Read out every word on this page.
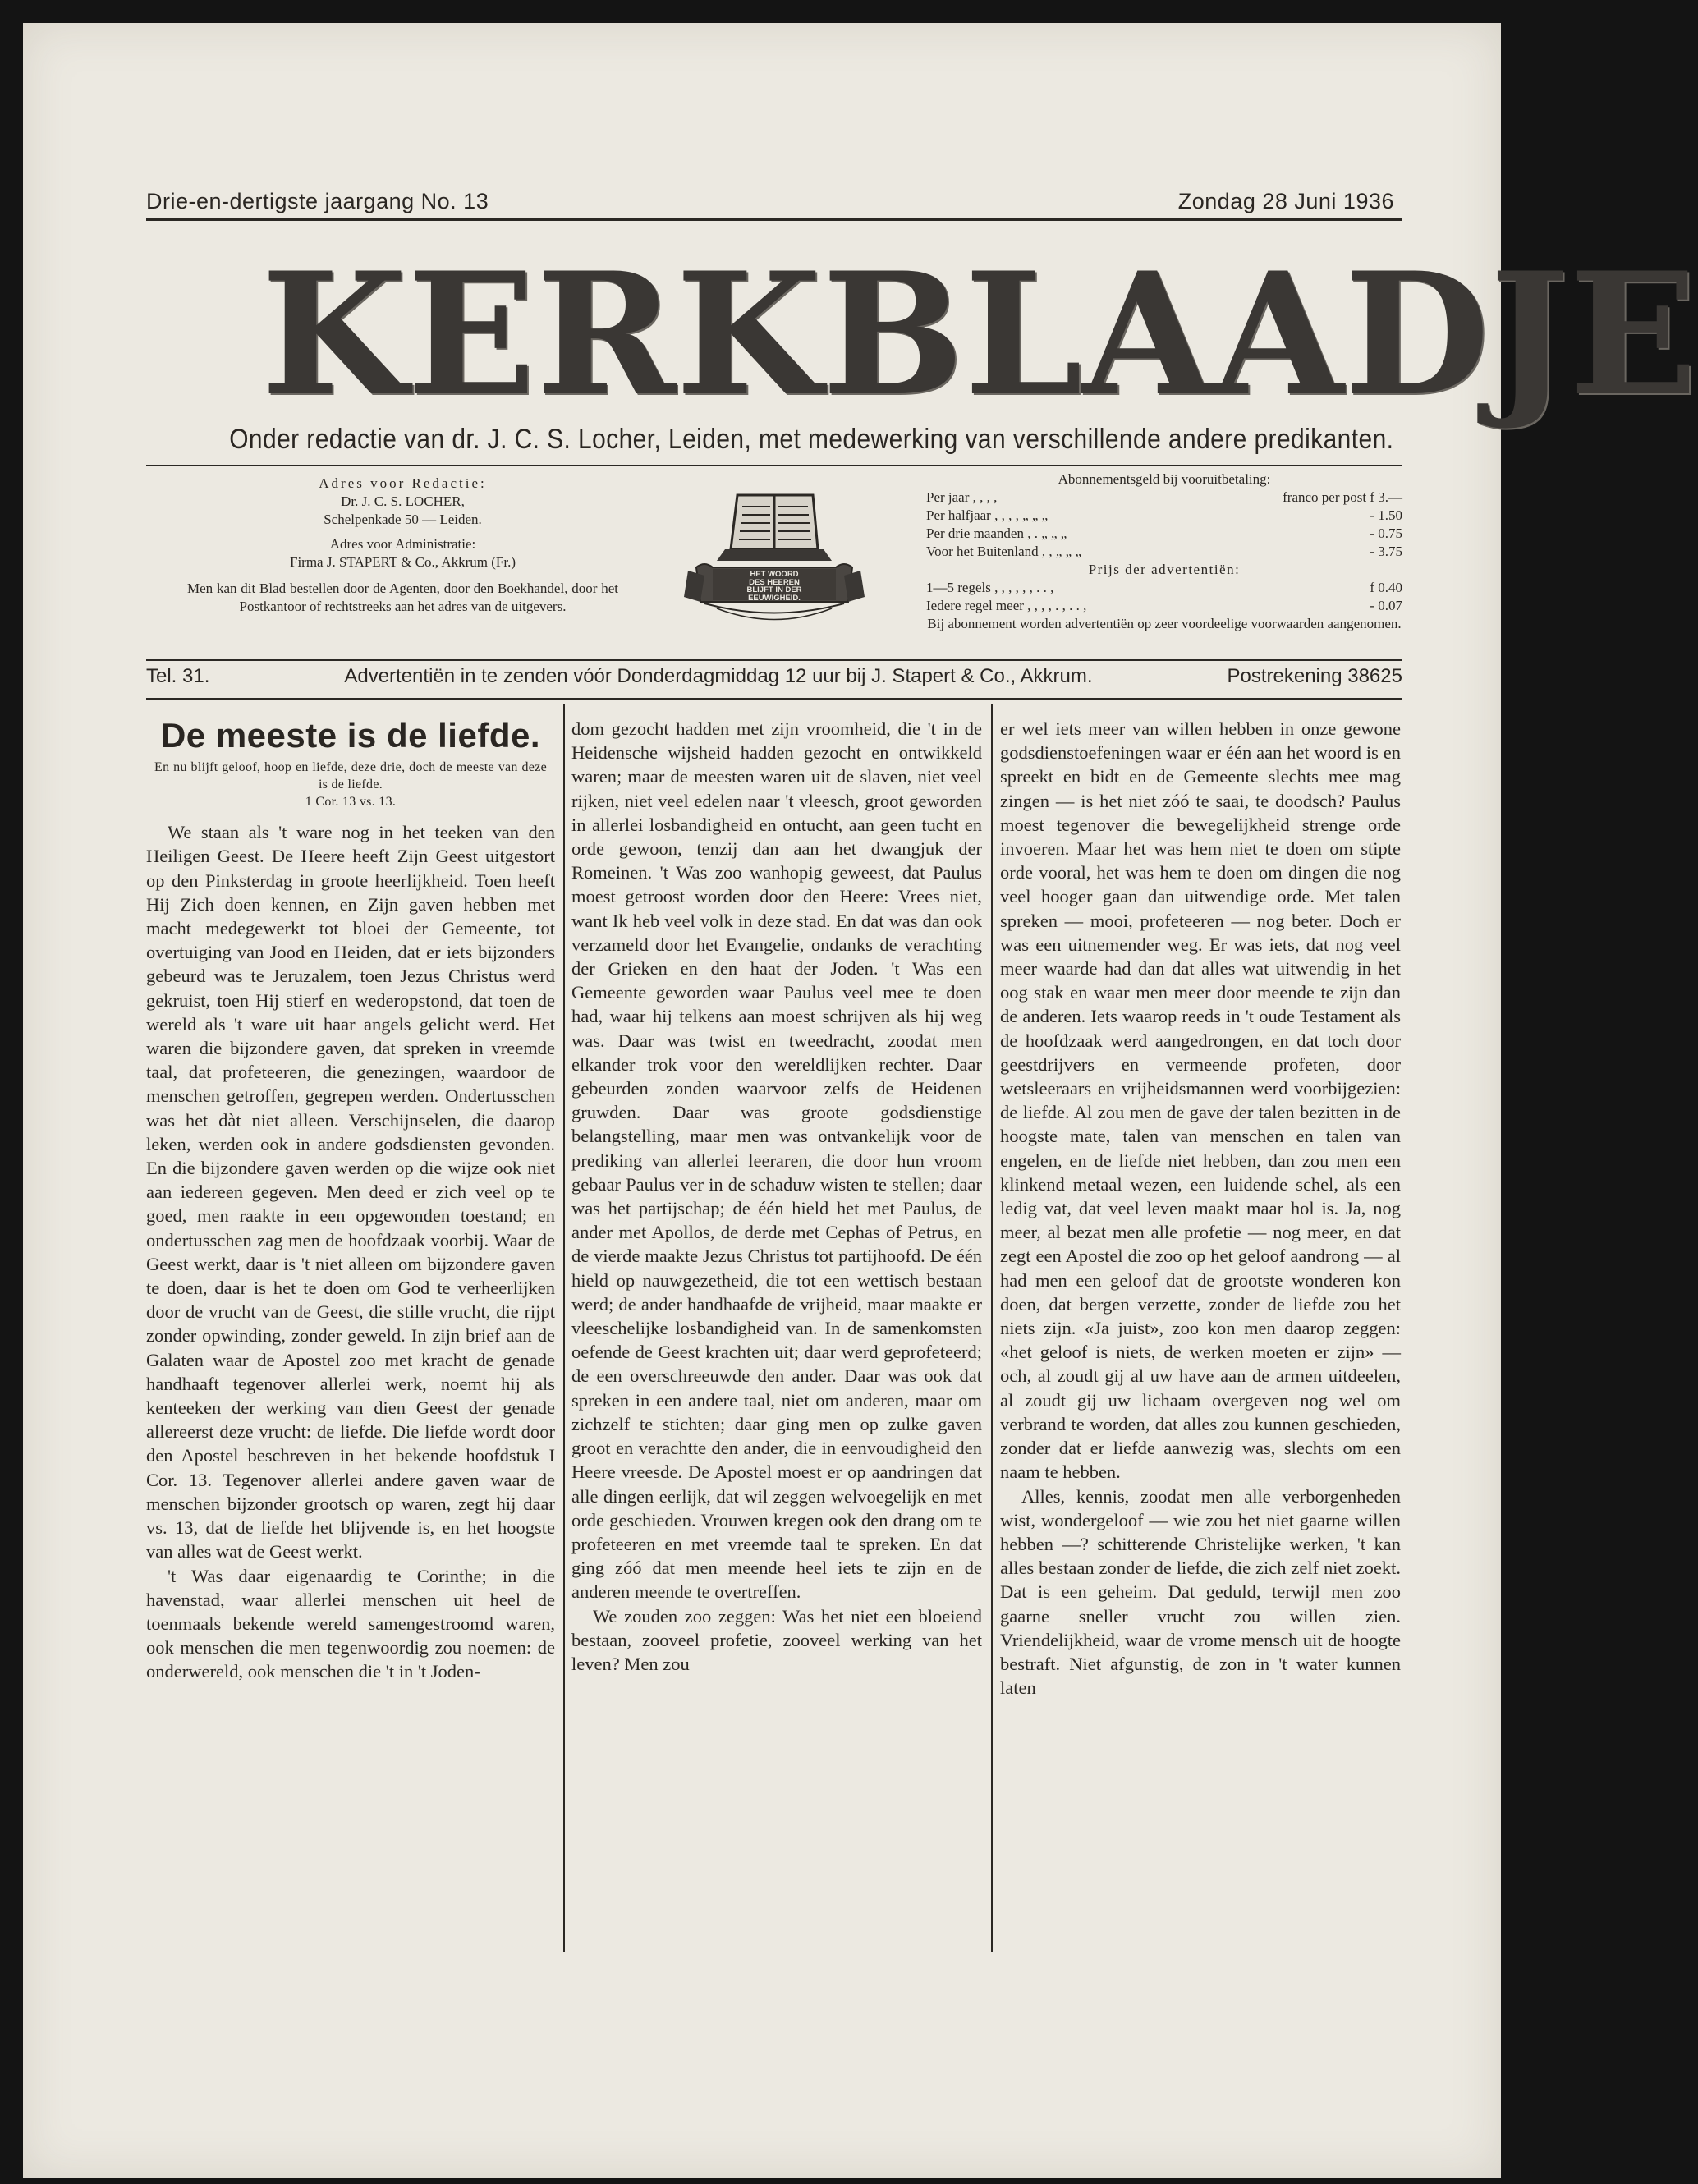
Drie-en-dertigste jaargang No. 13	Zondag 28 Juni 1936
K E R K B L A A D J E
Onder redactie van dr. J. C. S. Locher, Leiden, met medewerking van verschillende andere predikanten.

Adres voor Redactie:

Dr. J. C. S. LOCHER,

Schelpenkade 50 — Leiden.

Adres voor Administratie:

Firma J. STAPERT & Co., Akkrum (Fr.)

Men kan dit Blad bestellen door de Agenten, door den Boekhandel, door het Postkantoor of rechtstreeks aan het adres van de uitgevers.

HET WOORD
DES HEEREN
BLIJFT IN DER
EEUWIGHEID.

Abonnementsgeld bij vooruitbetaling:

Per jaar , , , ,	franco per post f 3.—
Per halfjaar , , , , „ „ „	- 1.50
Per drie maanden , . „ „ „	- 0.75
Voor het Buitenland , , „ „ „	- 3.75

Prijs der advertentiën:

1—5 regels , , , , , , . . ,	f 0.40
Iedere regel meer , , , , . , . . ,	- 0.07

Bij abonnement worden advertentiën op zeer voordeelige voorwaarden aangenomen.

Tel. 31.	Advertentiën in te zenden vóór Donderdagmiddag 12 uur bij J. Stapert & Co., Akkrum.	Postrekening 38625
De meeste is de liefde.
En nu blijft geloof, hoop en liefde, deze drie, doch de meeste van deze is de liefde.
1 Cor. 13 vs. 13.

We staan als 't ware nog in het teeken van den Heiligen Geest. De Heere heeft Zijn Geest uitgestort op den Pinksterdag in groote heerlijkheid. Toen heeft Hij Zich doen kennen, en Zijn gaven hebben met macht medegewerkt tot bloei der Gemeente, tot overtuiging van Jood en Heiden, dat er iets bijzonders gebeurd was te Jeruzalem, toen Jezus Christus werd gekruist, toen Hij stierf en wederopstond, dat toen de wereld als 't ware uit haar angels gelicht werd. Het waren die bijzondere gaven, dat spreken in vreemde taal, dat profeteeren, die genezingen, waardoor de menschen getroffen, gegrepen werden. Ondertusschen was het dàt niet alleen. Verschijnselen, die daarop leken, werden ook in andere godsdiensten gevonden. En die bijzondere gaven werden op die wijze ook niet aan iedereen gegeven. Men deed er zich veel op te goed, men raakte in een opgewonden toestand; en ondertusschen zag men de hoofdzaak voorbij. Waar de Geest werkt, daar is 't niet alleen om bijzondere gaven te doen, daar is het te doen om God te verheerlijken door de vrucht van de Geest, die stille vrucht, die rijpt zonder opwinding, zonder geweld. In zijn brief aan de Galaten waar de Apostel zoo met kracht de genade handhaaft tegenover allerlei werk, noemt hij als kenteeken der werking van dien Geest der genade allereerst deze vrucht: de liefde. Die liefde wordt door den Apostel beschreven in het bekende hoofdstuk I Cor. 13. Tegenover allerlei andere gaven waar de menschen bijzonder grootsch op waren, zegt hij daar vs. 13, dat de liefde het blijvende is, en het hoogste van alles wat de Geest werkt.

't Was daar eigenaardig te Corinthe; in die havenstad, waar allerlei menschen uit heel de toenmaals bekende wereld samengestroomd waren, ook menschen die men tegenwoordig zou noemen: de onderwereld, ook menschen die 't in 't Joden-

dom gezocht hadden met zijn vroomheid, die 't in de Heidensche wijsheid hadden gezocht en ontwikkeld waren; maar de meesten waren uit de slaven, niet veel rijken, niet veel edelen naar 't vleesch, groot geworden in allerlei losbandigheid en ontucht, aan geen tucht en orde gewoon, tenzij dan aan het dwangjuk der Romeinen. 't Was zoo wanhopig geweest, dat Paulus moest getroost worden door den Heere: Vrees niet, want Ik heb veel volk in deze stad. En dat was dan ook verzameld door het Evangelie, ondanks de verachting der Grieken en den haat der Joden. 't Was een Gemeente geworden waar Paulus veel mee te doen had, waar hij telkens aan moest schrijven als hij weg was. Daar was twist en tweedracht, zoodat men elkander trok voor den wereldlijken rechter. Daar gebeurden zonden waarvoor zelfs de Heidenen gruwden. Daar was groote godsdienstige belangstelling, maar men was ontvankelijk voor de prediking van allerlei leeraren, die door hun vroom gebaar Paulus ver in de schaduw wisten te stellen; daar was het partijschap; de één hield het met Paulus, de ander met Apollos, de derde met Cephas of Petrus, en de vierde maakte Jezus Christus tot partijhoofd. De één hield op nauwgezetheid, die tot een wettisch bestaan werd; de ander handhaafde de vrijheid, maar maakte er vleeschelijke losbandigheid van. In de samenkomsten oefende de Geest krachten uit; daar werd geprofeteerd; de een overschreeuwde den ander. Daar was ook dat spreken in een andere taal, niet om anderen, maar om zichzelf te stichten; daar ging men op zulke gaven groot en verachtte den ander, die in eenvoudigheid den Heere vreesde. De Apostel moest er op aandringen dat alle dingen eerlijk, dat wil zeggen welvoegelijk en met orde geschieden. Vrouwen kregen ook den drang om te profeteeren en met vreemde taal te spreken. En dat ging zóó dat men meende heel iets te zijn en de anderen meende te overtreffen.

We zouden zoo zeggen: Was het niet een bloeiend bestaan, zooveel profetie, zooveel werking van het leven? Men zou

er wel iets meer van willen hebben in onze gewone godsdienstoefeningen waar er één aan het woord is en spreekt en bidt en de Gemeente slechts mee mag zingen — is het niet zóó te saai, te doodsch? Paulus moest tegenover die bewegelijkheid strenge orde invoeren. Maar het was hem niet te doen om stipte orde vooral, het was hem te doen om dingen die nog veel hooger gaan dan uitwendige orde. Met talen spreken — mooi, profeteeren — nog beter. Doch er was een uitnemender weg. Er was iets, dat nog veel meer waarde had dan dat alles wat uitwendig in het oog stak en waar men meer door meende te zijn dan de anderen. Iets waarop reeds in 't oude Testament als de hoofdzaak werd aangedrongen, en dat toch door geestdrijvers en vermeende profeten, door wetsleeraars en vrijheidsmannen werd voorbijgezien: de liefde. Al zou men de gave der talen bezitten in de hoogste mate, talen van menschen en talen van engelen, en de liefde niet hebben, dan zou men een klinkend metaal wezen, een luidende schel, als een ledig vat, dat veel leven maakt maar hol is. Ja, nog meer, al bezat men alle profetie — nog meer, en dat zegt een Apostel die zoo op het geloof aandrong — al had men een geloof dat de grootste wonderen kon doen, dat bergen verzette, zonder de liefde zou het niets zijn. «Ja juist», zoo kon men daarop zeggen: «het geloof is niets, de werken moeten er zijn» — och, al zoudt gij al uw have aan de armen uitdeelen, al zoudt gij uw lichaam overgeven nog wel om verbrand te worden, dat alles zou kunnen geschieden, zonder dat er liefde aanwezig was, slechts om een naam te hebben.

Alles, kennis, zoodat men alle verborgenheden wist, wondergeloof — wie zou het niet gaarne willen hebben —? schitterende Christelijke werken, 't kan alles bestaan zonder de liefde, die zich zelf niet zoekt. Dat is een geheim. Dat geduld, terwijl men zoo gaarne sneller vrucht zou willen zien. Vriendelijkheid, waar de vrome mensch uit de hoogte bestraft. Niet afgunstig, de zon in 't water kunnen laten
